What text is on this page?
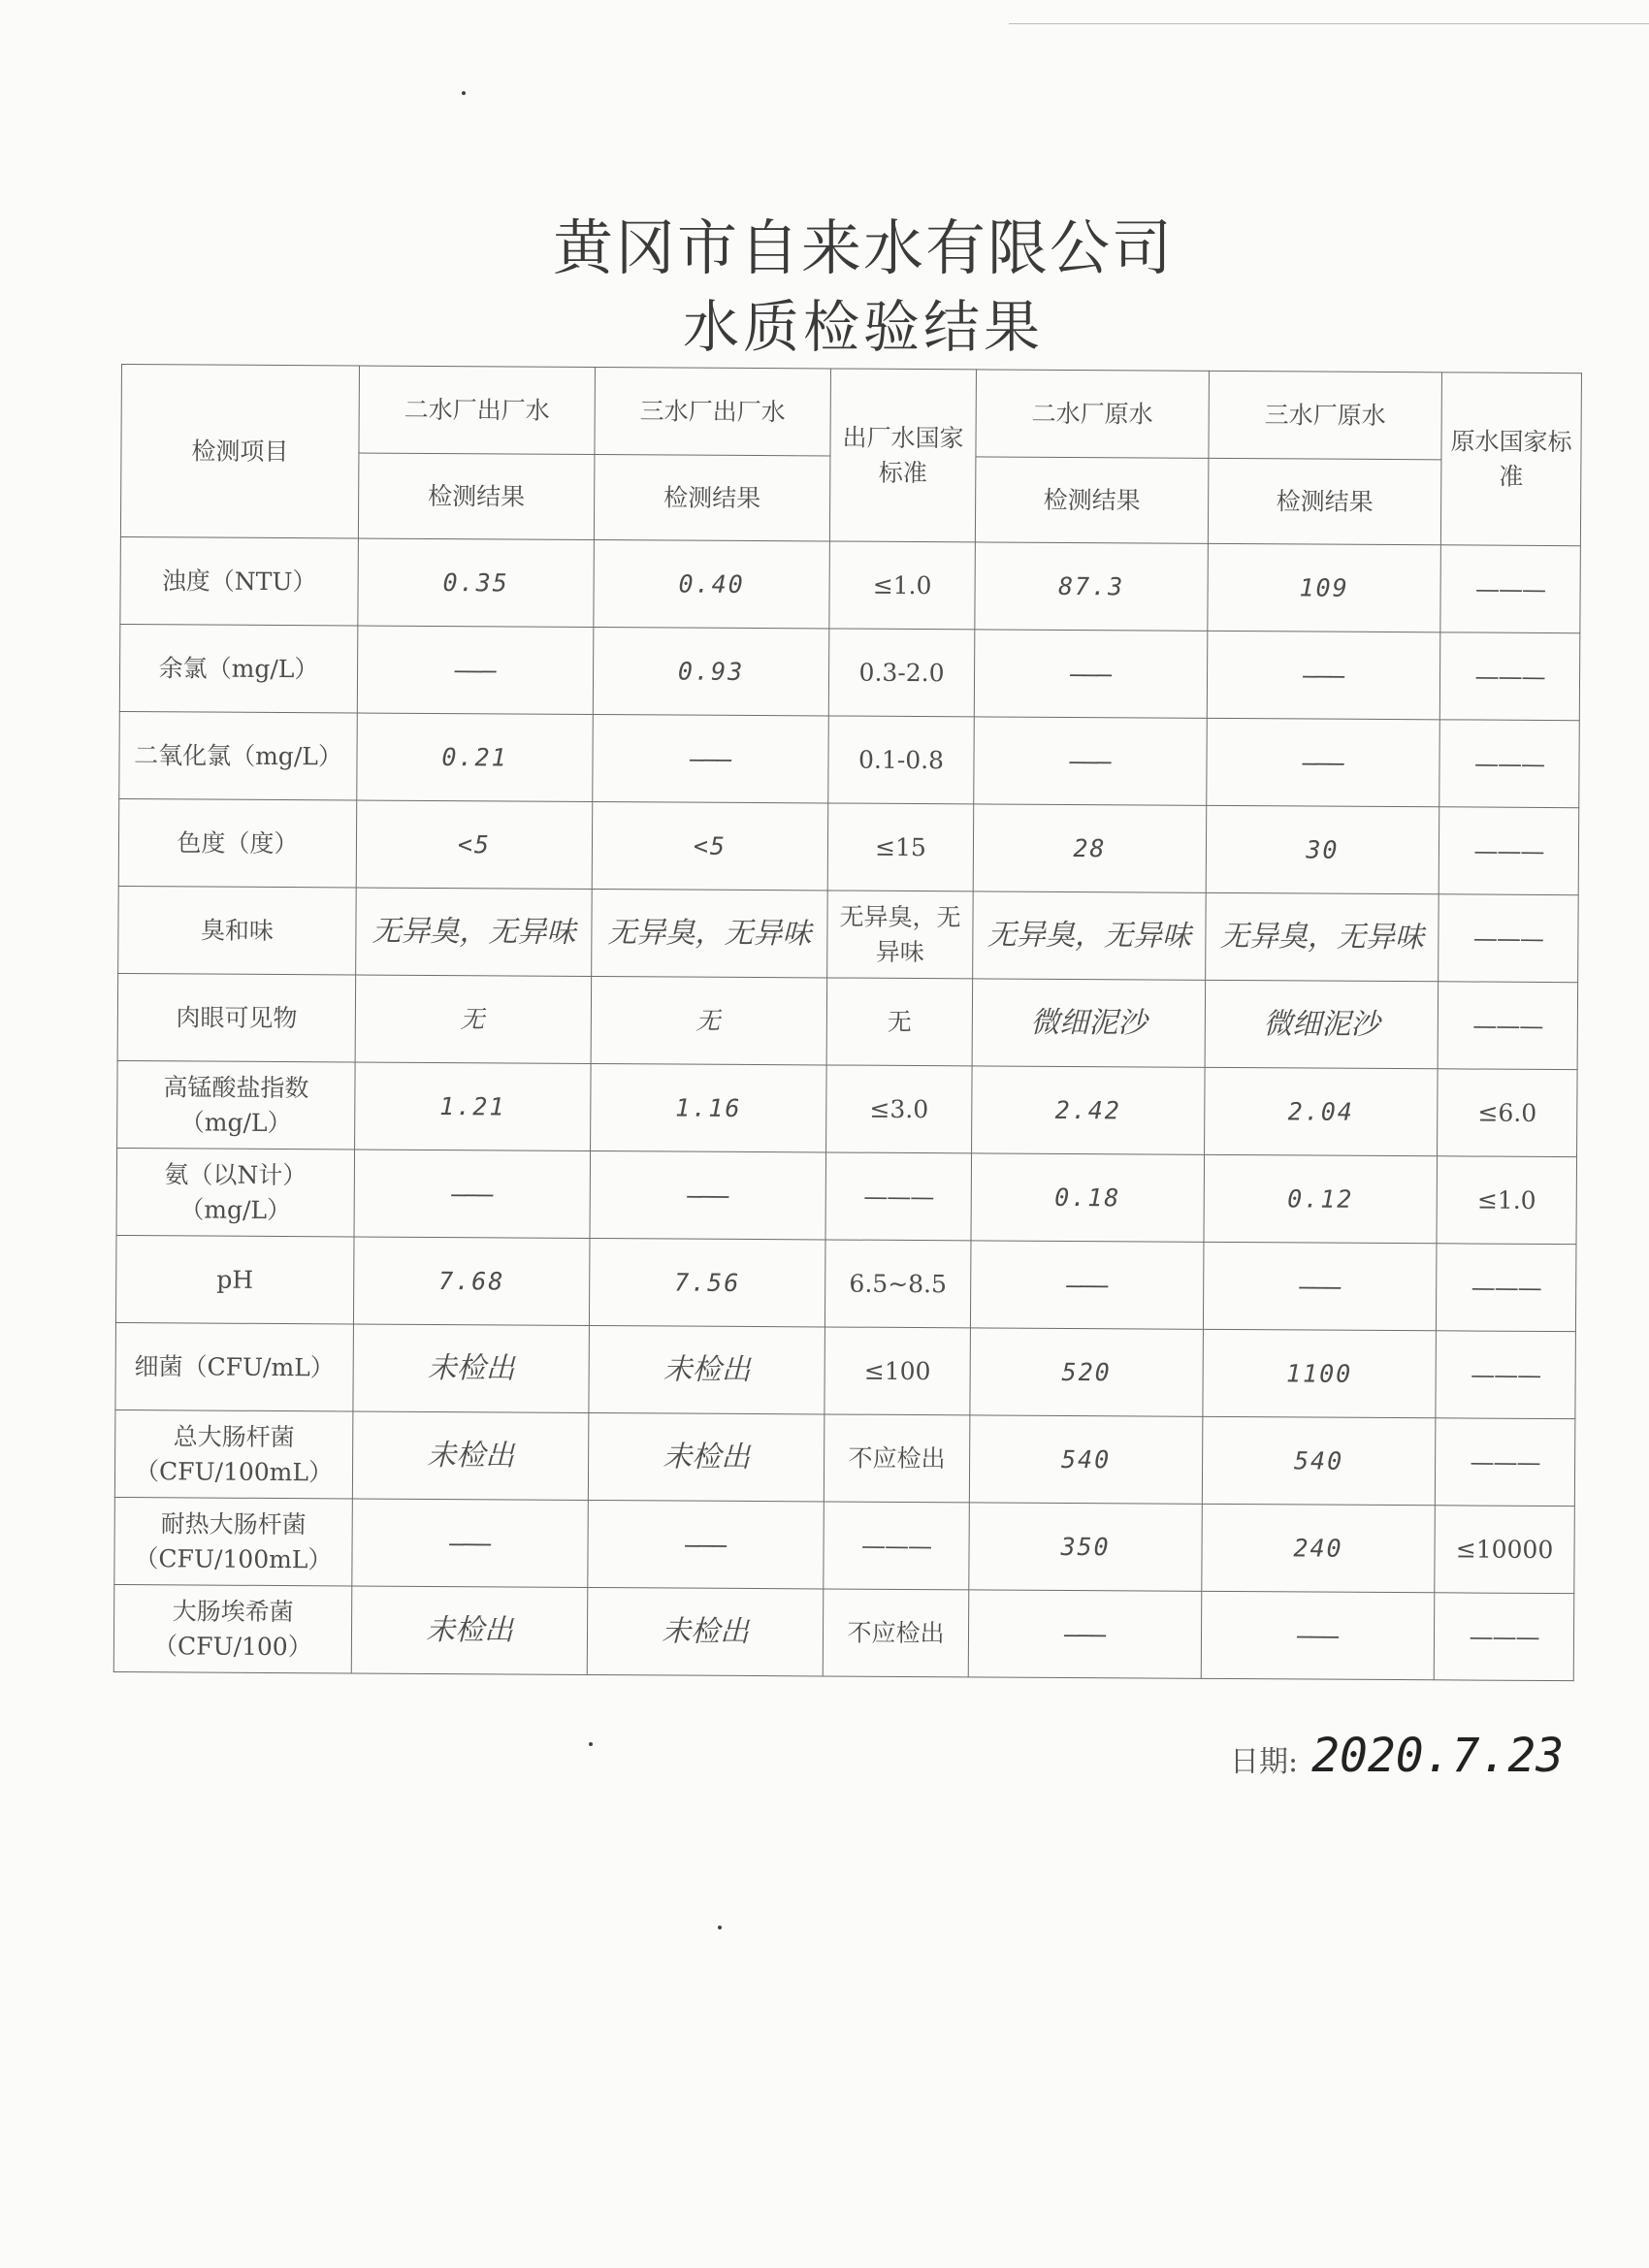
黄冈市自来水有限公司
水质检验结果
检测项目	二水厂出厂水	三水厂出厂水	出厂水国家标准	二水厂原水	三水厂原水	原水国家标准
	检测结果	检测结果		检测结果	检测结果	
浊度（NTU）	0.35	0.40	≤1.0	87.3	109	———
余氯（mg/L）	———	0.93	0.3-2.0	———	———	———
二氧化氯（mg/L）	0.21	———	0.1-0.8	———	———	———
色度（度）	<5	<5	≤15	28	30	———
臭和味	无异臭，无异味	无异臭，无异味	无异臭，无异味	无异臭，无异味	无异臭，无异味	———
肉眼可见物	无	无	无	微细泥沙	微细泥沙	———
高锰酸盐指数（mg/L）	1.21	1.16	≤3.0	2.42	2.04	≤6.0
氨（以N计）（mg/L）	———	———	———	0.18	0.12	≤1.0
pH	7.68	7.56	6.5~8.5	———	———	———
细菌（CFU/mL）	未检出	未检出	≤100	520	1100	———
总大肠杆菌（CFU/100mL）	未检出	未检出	不应检出	540	540	———
耐热大肠杆菌（CFU/100mL）	———	———	———	350	240	≤10000
大肠埃希菌（CFU/100）	未检出	未检出	不应检出	———	———	———
日期: 2020.7.23
